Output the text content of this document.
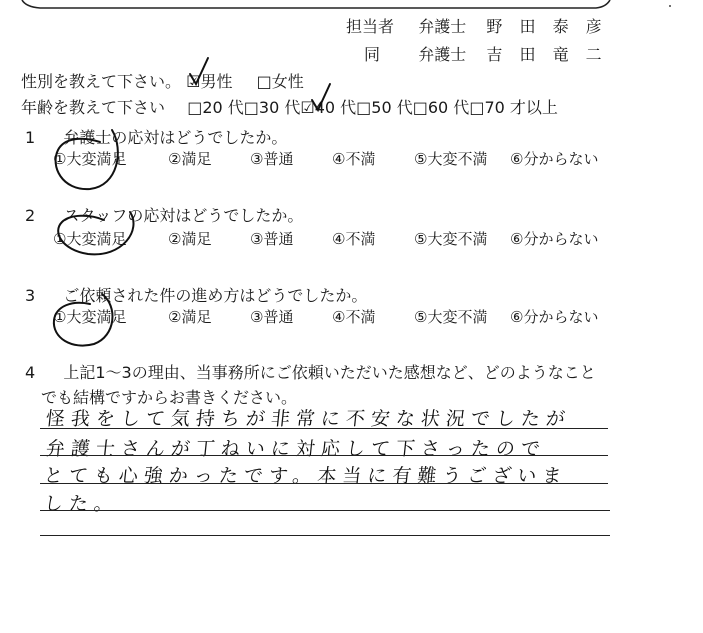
担当者 弁護士 野 田 泰 彦
同 弁護士 吉 田 竜 二
性別を教えて下さい。 ☑男性 □女性
年齢を教えて下さい □20 代□30 代☑40 代□50 代□60 代□70 才以上
1 弁護士の応対はどうでしたか。
①大変満足	②満足	③普通	④不満	⑤大変不満 ⑥分からない
2 スタッフの応対はどうでしたか。
①大変満足	②満足	③普通	④不満	⑤大変不満 ⑥分からない
3 ご依頼された件の進め方はどうでしたか。
①大変満足	②満足	③普通	④不満	⑤大変不満 ⑥分からない
4 上記1～3の理由、当事務所にご依頼いただいた感想など、どのようなこと
でも結構ですからお書きください。
怪我をして気持ちが非常に不安な状況でしたが
弁護士さんが丁ねいに対応して下さったので
とても心強かったです。本当に有難うございま
した。
